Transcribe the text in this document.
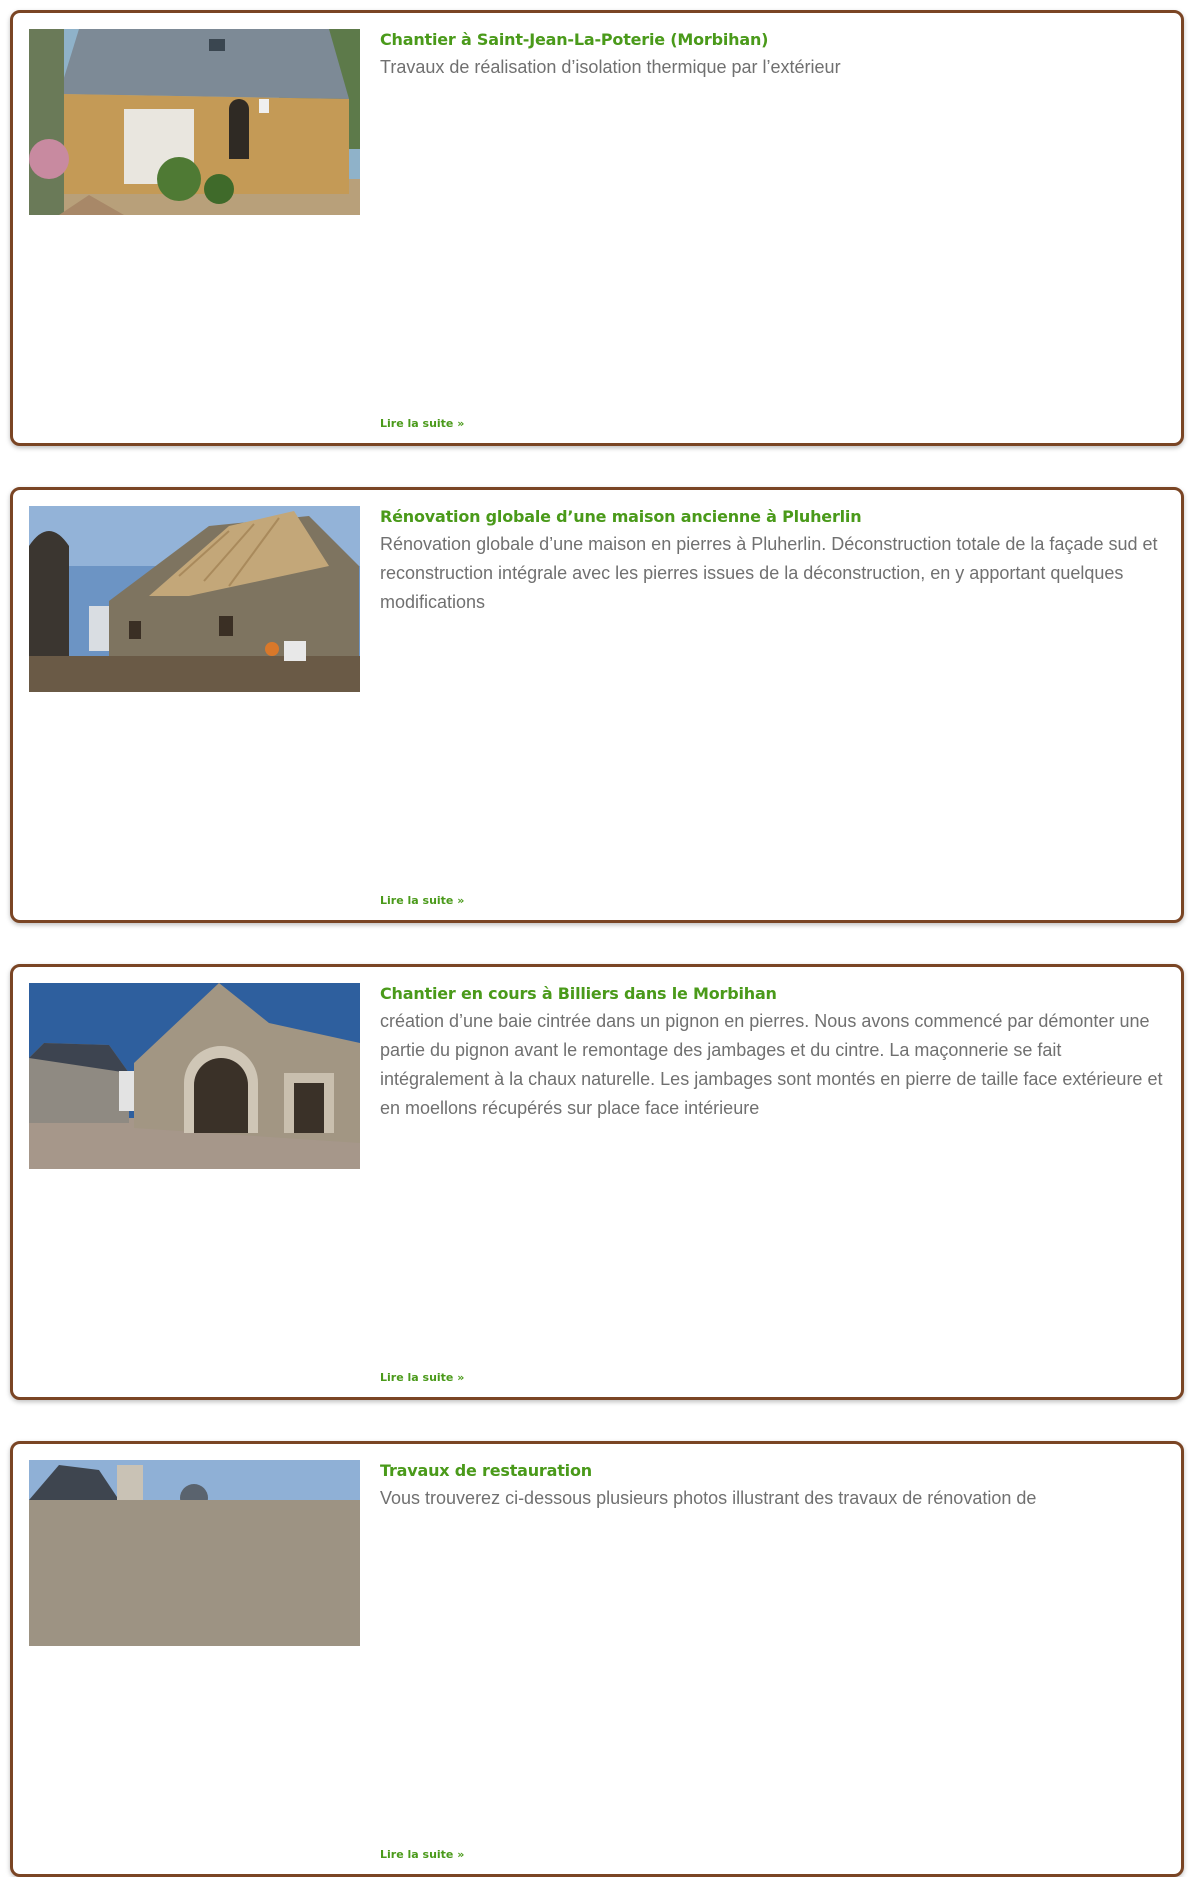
Chantier à Saint-Jean-La-Poterie (Morbihan)

Travaux de réalisation d’isolation thermique par l’extérieur

Lire la suite »
Rénovation globale d’une maison ancienne à Pluherlin

Rénovation globale d’une maison en pierres à Pluherlin. Déconstruction totale de la façade sud et reconstruction intégrale avec les pierres issues de la déconstruction, en y apportant quelques modifications

Lire la suite »
Chantier en cours à Billiers dans le Morbihan

création d’une baie cintrée dans un pignon en pierres. Nous avons commencé par démonter une partie du pignon avant le remontage des jambages et du cintre. La maçonnerie se fait intégralement à la chaux naturelle. Les jambages sont montés en pierre de taille face extérieure et en moellons récupérés sur place face intérieure

Lire la suite »
Travaux de restauration

Vous trouverez ci-dessous plusieurs photos illustrant des travaux de rénovation de

Lire la suite »
